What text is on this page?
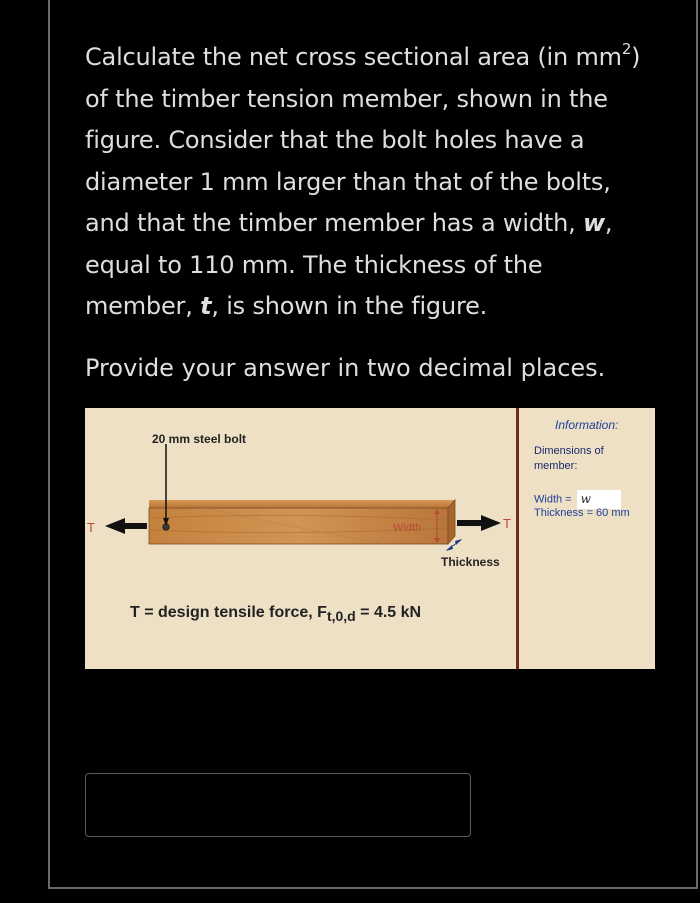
Calculate the net cross sectional area (in $mm^2$) of the timber tension member, shown in the figure. Consider that the bolt holes have a diameter 1 mm larger than that of the bolts, and that the timber member has a width, w, equal to 110 mm. The thickness of the member, t, is shown in the figure.

Provide your answer in two decimal places.

T	T
Width
20 mm steel bolt
Thickness
T = design tensile force, $F_{t,0,d} = 4.5$ kN
Information:
Dimensions of member:
Width = w
Thickness = 60 mm
